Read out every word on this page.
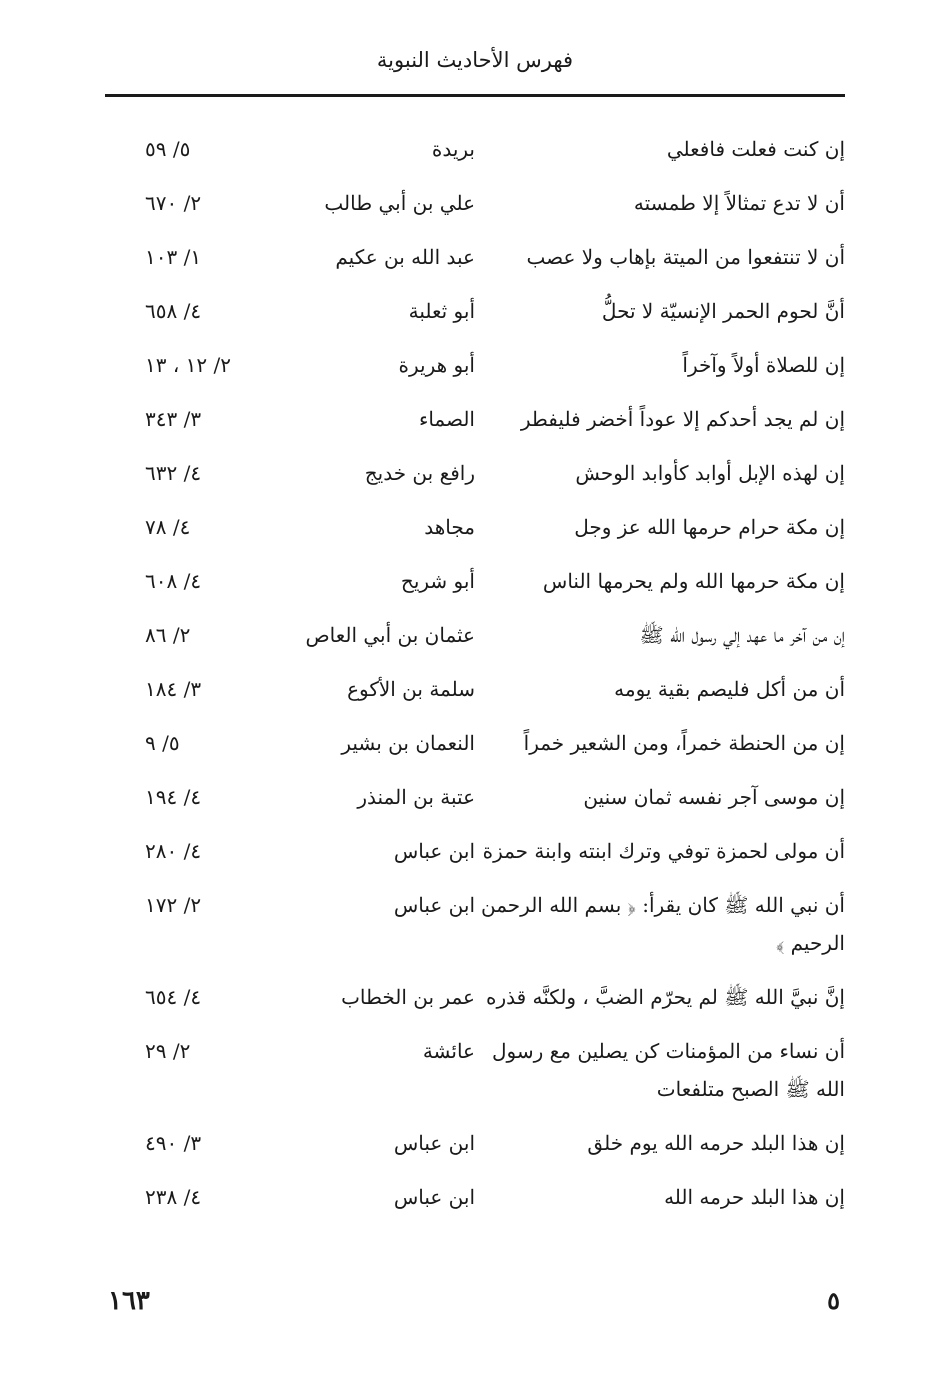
فهرس الأحاديث النبوية
إن كنت فعلت فافعلي
بريدة
٥/ ٥٩
أن لا تدع تمثالاً إلا طمسته
علي بن أبي طالب
٢/ ٦٧٠
أن لا تنتفعوا من الميتة بإهاب ولا عصب
عبد الله بن عكيم
١/ ١٠٣
أنَّ لحوم الحمر الإنسيّة لا تحلُّ
أبو ثعلبة
٤/ ٦٥٨
إن للصلاة أولاً وآخراً
أبو هريرة
٢/ ١٢ ، ١٣
إن لم يجد أحدكم إلا عوداً أخضر فليفطر
الصماء
٣/ ٣٤٣
إن لهذه الإبل أوابد كأوابد الوحش
رافع بن خديج
٤/ ٦٣٢
إن مكة حرام حرمها الله عز وجل
مجاهد
٤/ ٧٨
إن مكة حرمها الله ولم يحرمها الناس
أبو شريح
٤/ ٦٠٨
إن من آخر ما عهد إلي رسول الله ﷺ
عثمان بن أبي العاص
٢/ ٨٦
أن من أكل فليصم بقية يومه
سلمة بن الأكوع
٣/ ١٨٤
إن من الحنطة خمراً، ومن الشعير خمراً
النعمان بن بشير
٥/ ٩
إن موسى آجر نفسه ثمان سنين
عتبة بن المنذر
٤/ ١٩٤
أن مولى لحمزة توفي وترك ابنته وابنة حمزة
ابن عباس
٤/ ٢٨٠
أن نبي الله ﷺ كان يقرأ: ﴿ بسم الله الرحمن الرحيم ﴾
ابن عباس
٢/ ١٧٢
إنَّ نبيَّ الله ﷺ لم يحرّم الضبَّ ، ولكنَّه قذره
عمر بن الخطاب
٤/ ٦٥٤
أن نساء من المؤمنات كن يصلين مع رسول الله ﷺ الصبح متلفعات
عائشة
٢/ ٢٩
إن هذا البلد حرمه الله يوم خلق
ابن عباس
٣/ ٤٩٠
إن هذا البلد حرمه الله
ابن عباس
٤/ ٢٣٨
١٦٣	٥
